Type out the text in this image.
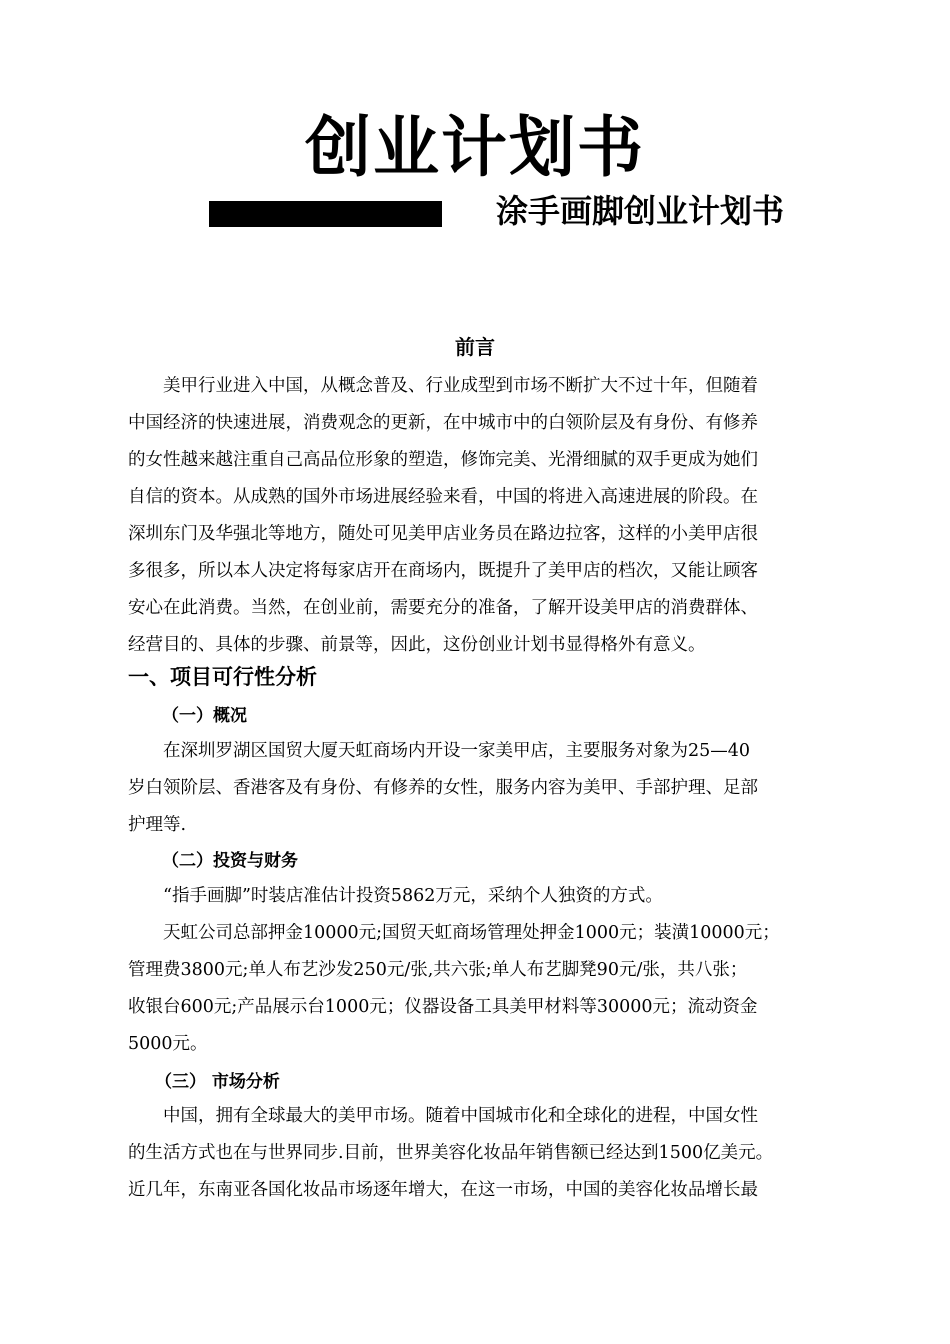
创业计划书
涂手画脚创业计划书
前言
美甲行业进入中国，从概念普及、行业成型到市场不断扩大不过十年，但随着
中国经济的快速进展，消费观念的更新，在中城市中的白领阶层及有身份、有修养
的女性越来越注重自己高品位形象的塑造，修饰完美、光滑细腻的双手更成为她们
自信的资本。从成熟的国外市场进展经验来看，中国的将进入高速进展的阶段。在
深圳东门及华强北等地方，随处可见美甲店业务员在路边拉客，这样的小美甲店很
多很多，所以本人决定将每家店开在商场内，既提升了美甲店的档次，又能让顾客
安心在此消费。当然，在创业前，需要充分的准备，了解开设美甲店的消费群体、
经营目的、具体的步骤、前景等，因此，这份创业计划书显得格外有意义。
一、项目可行性分析
（一）概况
在深圳罗湖区国贸大厦天虹商场内开设一家美甲店，主要服务对象为25—40
岁白领阶层、香港客及有身份、有修养的女性，服务内容为美甲、手部护理、足部
护理等.
（二）投资与财务
“指手画脚”时装店准估计投资5862万元，采纳个人独资的方式。
天虹公司总部押金10000元;国贸天虹商场管理处押金1000元；装潢10000元；
管理费3800元;单人布艺沙发250元/张,共六张;单人布艺脚凳90元/张，共八张；
收银台600元;产品展示台1000元；仪器设备工具美甲材料等30000元；流动资金
5000元。
（三） 市场分析
中国，拥有全球最大的美甲市场。随着中国城市化和全球化的进程，中国女性
的生活方式也在与世界同步.目前，世界美容化妆品年销售额已经达到1500亿美元。
近几年，东南亚各国化妆品市场逐年增大，在这一市场，中国的美容化妆品增长最
